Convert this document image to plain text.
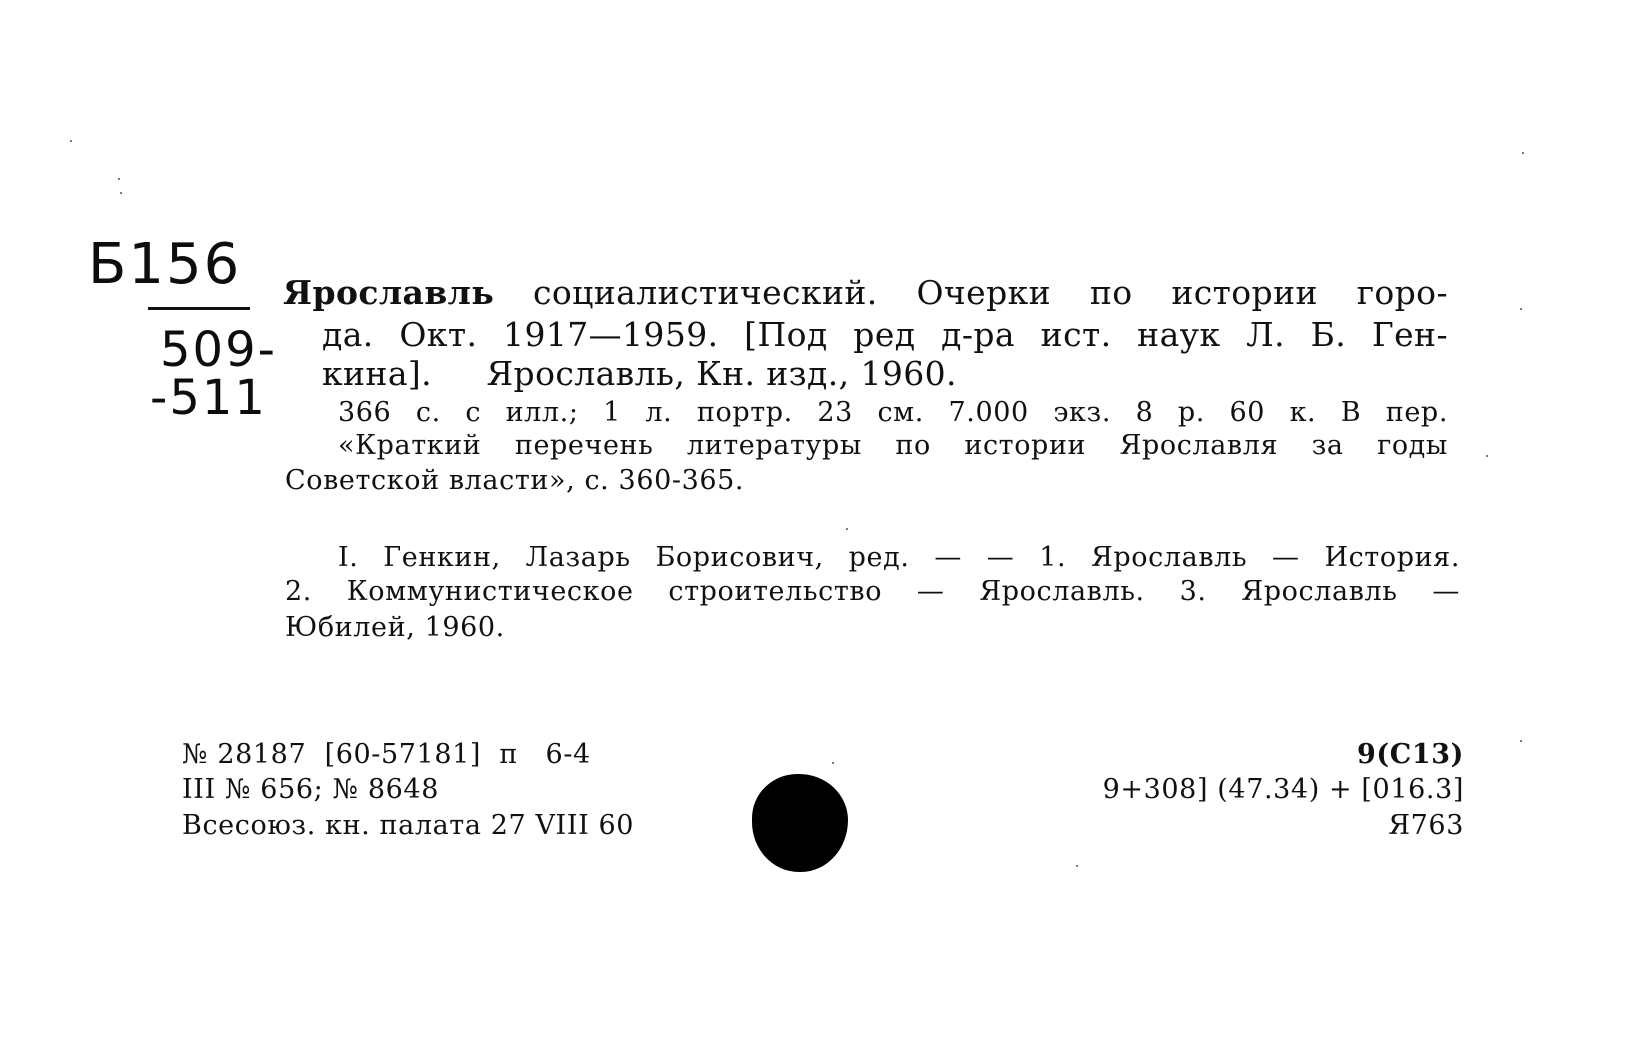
Б156
509-
-511
Ярославль социалистический. Очерки по истории горо-
да. Окт. 1917—1959. [Под ред д-ра ист. наук Л. Б. Ген-
кина].     Ярославль, Кн. изд., 1960.
366 с. с илл.; 1 л. портр. 23 см. 7.000 экз. 8 р. 60 к. В пер.
«Краткий перечень литературы по истории Ярославля за годы
Советской власти», с. 360-365.
I. Генкин, Лазарь Борисович, ред. — — 1. Ярославль — История.
2. Коммунистическое строительство — Ярославль. 3. Ярославль —
Юбилей, 1960.
№ 28187  [60-57181]  п   6-4
III № 656; № 8648
Всесоюз. кн. палата 27 VIII 60
9(С13)
9+308] (47.34) + [016.3]
Я763
